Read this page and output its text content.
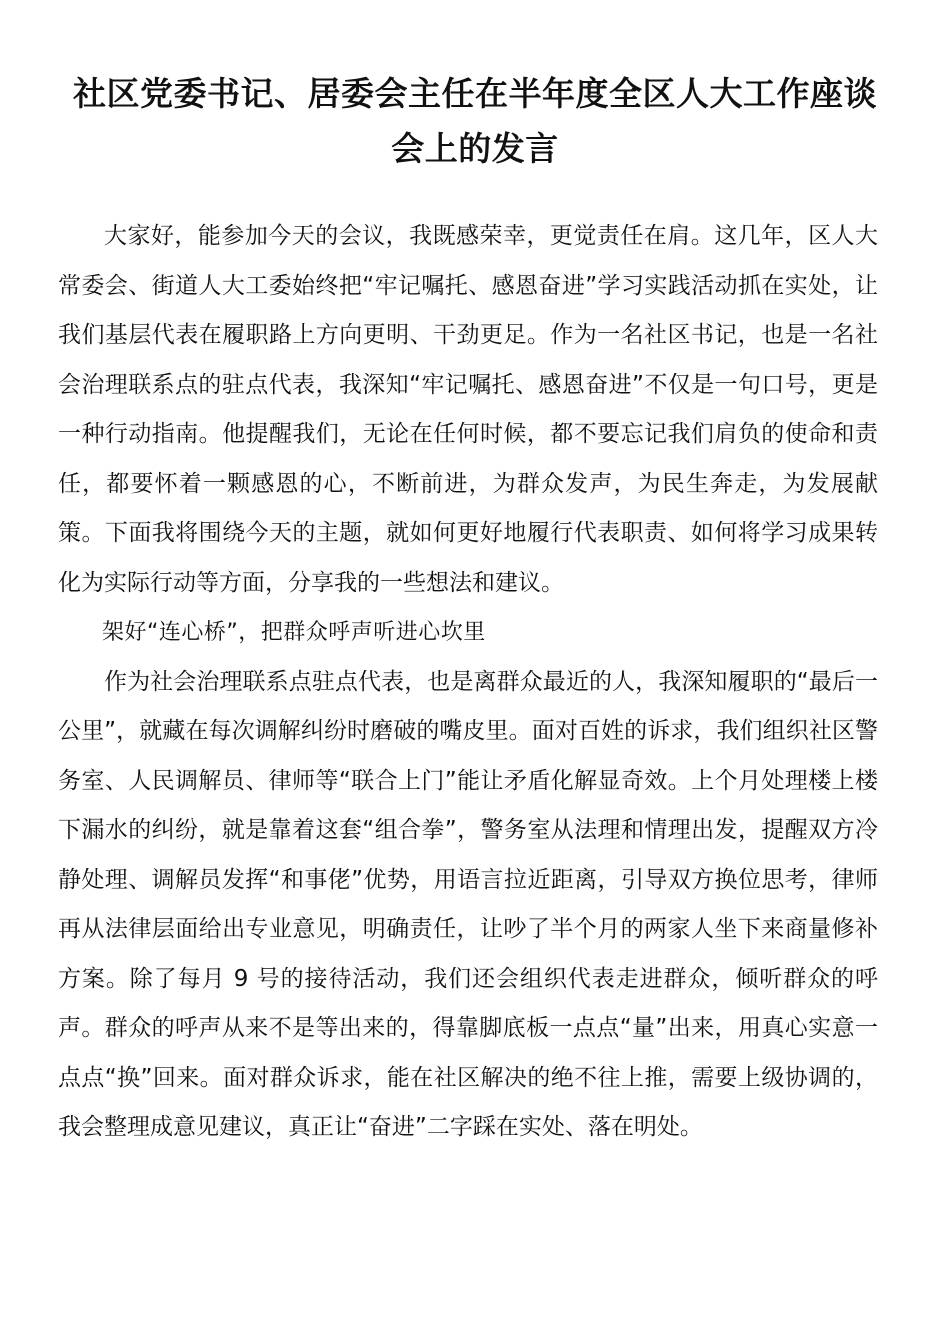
社区党委书记、居委会主任在半年度全区人大工作座谈会上的发言

大家好，能参加今天的会议，我既感荣幸，更觉责任在肩。这几年，区人大常委会、街道人大工委始终把“牢记嘱托、感恩奋进”学习实践活动抓在实处，让我们基层代表在履职路上方向更明、干劲更足。作为一名社区书记，也是一名社会治理联系点的驻点代表，我深知“牢记嘱托、感恩奋进”不仅是一句口号，更是一种行动指南。他提醒我们，无论在任何时候，都不要忘记我们肩负的使命和责任，都要怀着一颗感恩的心，不断前进，为群众发声，为民生奔走，为发展献策。下面我将围绕今天的主题，就如何更好地履行代表职责、如何将学习成果转化为实际行动等方面，分享我的一些想法和建议。

架好“连心桥”，把群众呼声听进心坎里

作为社会治理联系点驻点代表，也是离群众最近的人，我深知履职的“最后一公里”，就藏在每次调解纠纷时磨破的嘴皮里。面对百姓的诉求，我们组织社区警务室、人民调解员、律师等“联合上门”能让矛盾化解显奇效。上个月处理楼上楼下漏水的纠纷，就是靠着这套“组合拳”，警务室从法理和情理出发，提醒双方冷静处理、调解员发挥“和事佬”优势，用语言拉近距离，引导双方换位思考，律师再从法律层面给出专业意见，明确责任，让吵了半个月的两家人坐下来商量修补方案。除了每月 9 号的接待活动，我们还会组织代表走进群众，倾听群众的呼声。群众的呼声从来不是等出来的，得靠脚底板一点点“量”出来，用真心实意一点点“换”回来。面对群众诉求，能在社区解决的绝不往上推，需要上级协调的，我会整理成意见建议，真正让“奋进”二字踩在实处、落在明处。
